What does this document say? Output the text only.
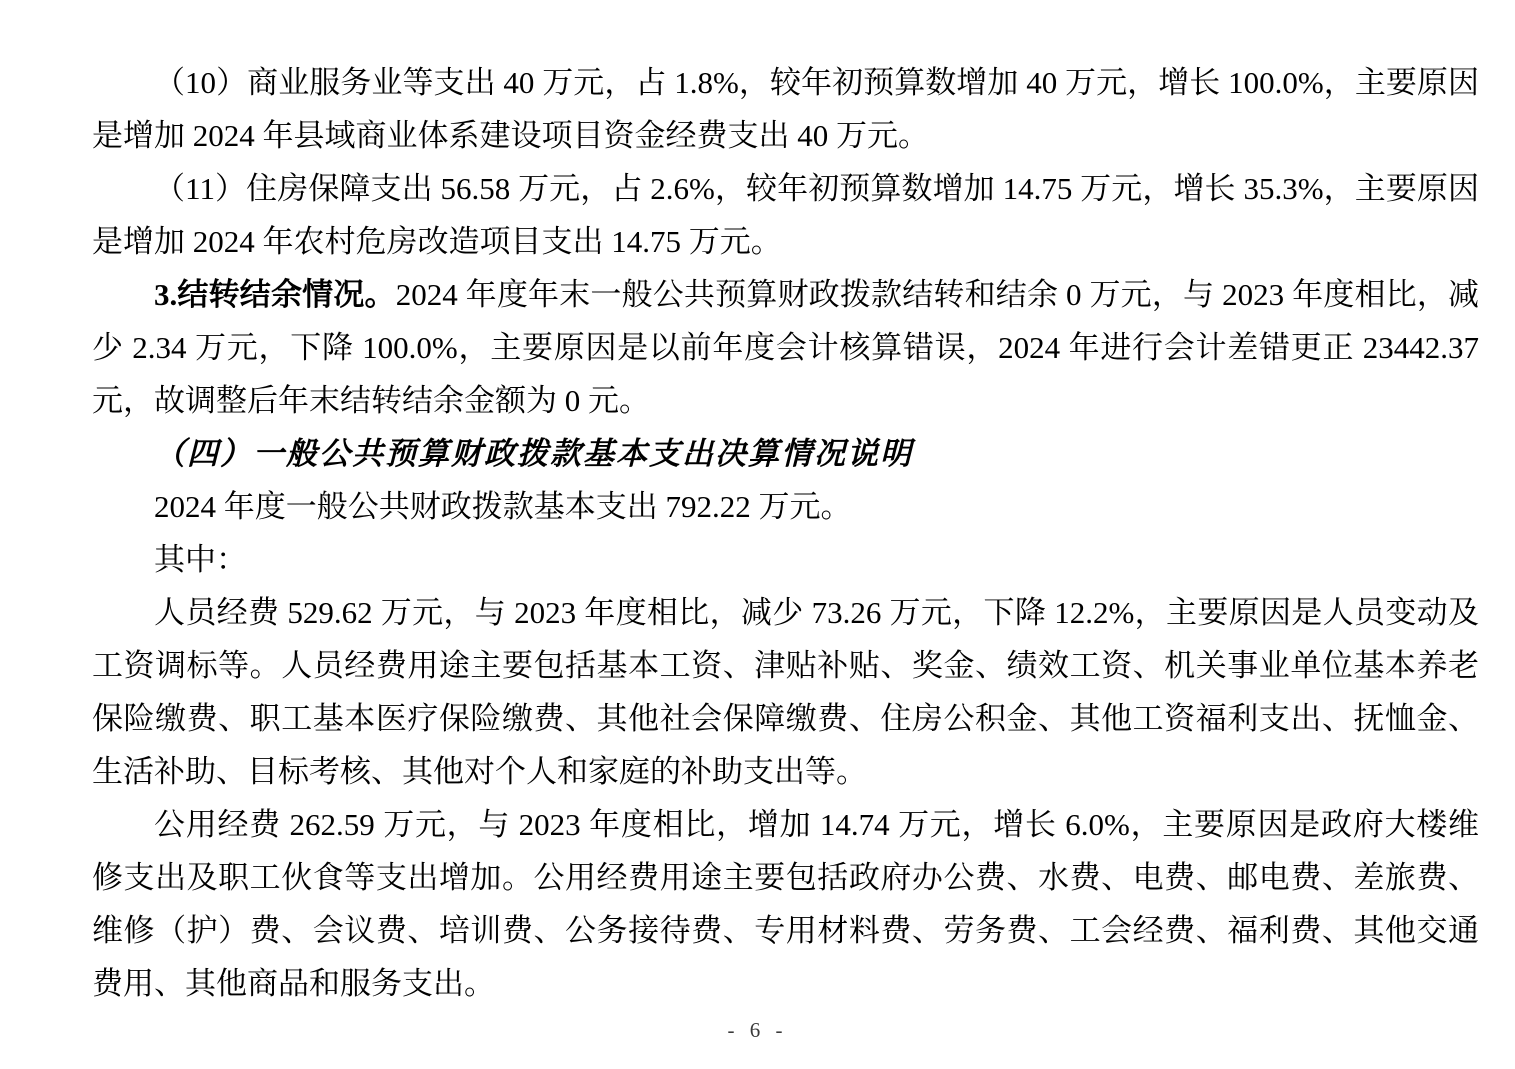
（10）商业服务业等支出 40 万元，占 1.8%，较年初预算数增加 40 万元，增长 100.0%，主要原因是增加 2024 年县域商业体系建设项目资金经费支出 40 万元。

（11）住房保障支出 56.58 万元，占 2.6%，较年初预算数增加 14.75 万元，增长 35.3%，主要原因是增加 2024 年农村危房改造项目支出 14.75 万元。

3.结转结余情况。2024 年度年末一般公共预算财政拨款结转和结余 0 万元，与 2023 年度相比，减少 2.34 万元，下降 100.0%，主要原因是以前年度会计核算错误，2024 年进行会计差错更正 23442.37 元，故调整后年末结转结余金额为 0 元。

（四）一般公共预算财政拨款基本支出决算情况说明

2024 年度一般公共财政拨款基本支出 792.22 万元。

其中：

人员经费 529.62 万元，与 2023 年度相比，减少 73.26 万元，下降 12.2%，主要原因是人员变动及工资调标等。人员经费用途主要包括基本工资、津贴补贴、奖金、绩效工资、机关事业单位基本养老保险缴费、职工基本医疗保险缴费、其他社会保障缴费、住房公积金、其他工资福利支出、抚恤金、生活补助、目标考核、其他对个人和家庭的补助支出等。

公用经费 262.59 万元，与 2023 年度相比，增加 14.74 万元，增长 6.0%，主要原因是政府大楼维修支出及职工伙食等支出增加。公用经费用途主要包括政府办公费、水费、电费、邮电费、差旅费、维修（护）费、会议费、培训费、公务接待费、专用材料费、劳务费、工会经费、福利费、其他交通费用、其他商品和服务支出。

- 6 -
